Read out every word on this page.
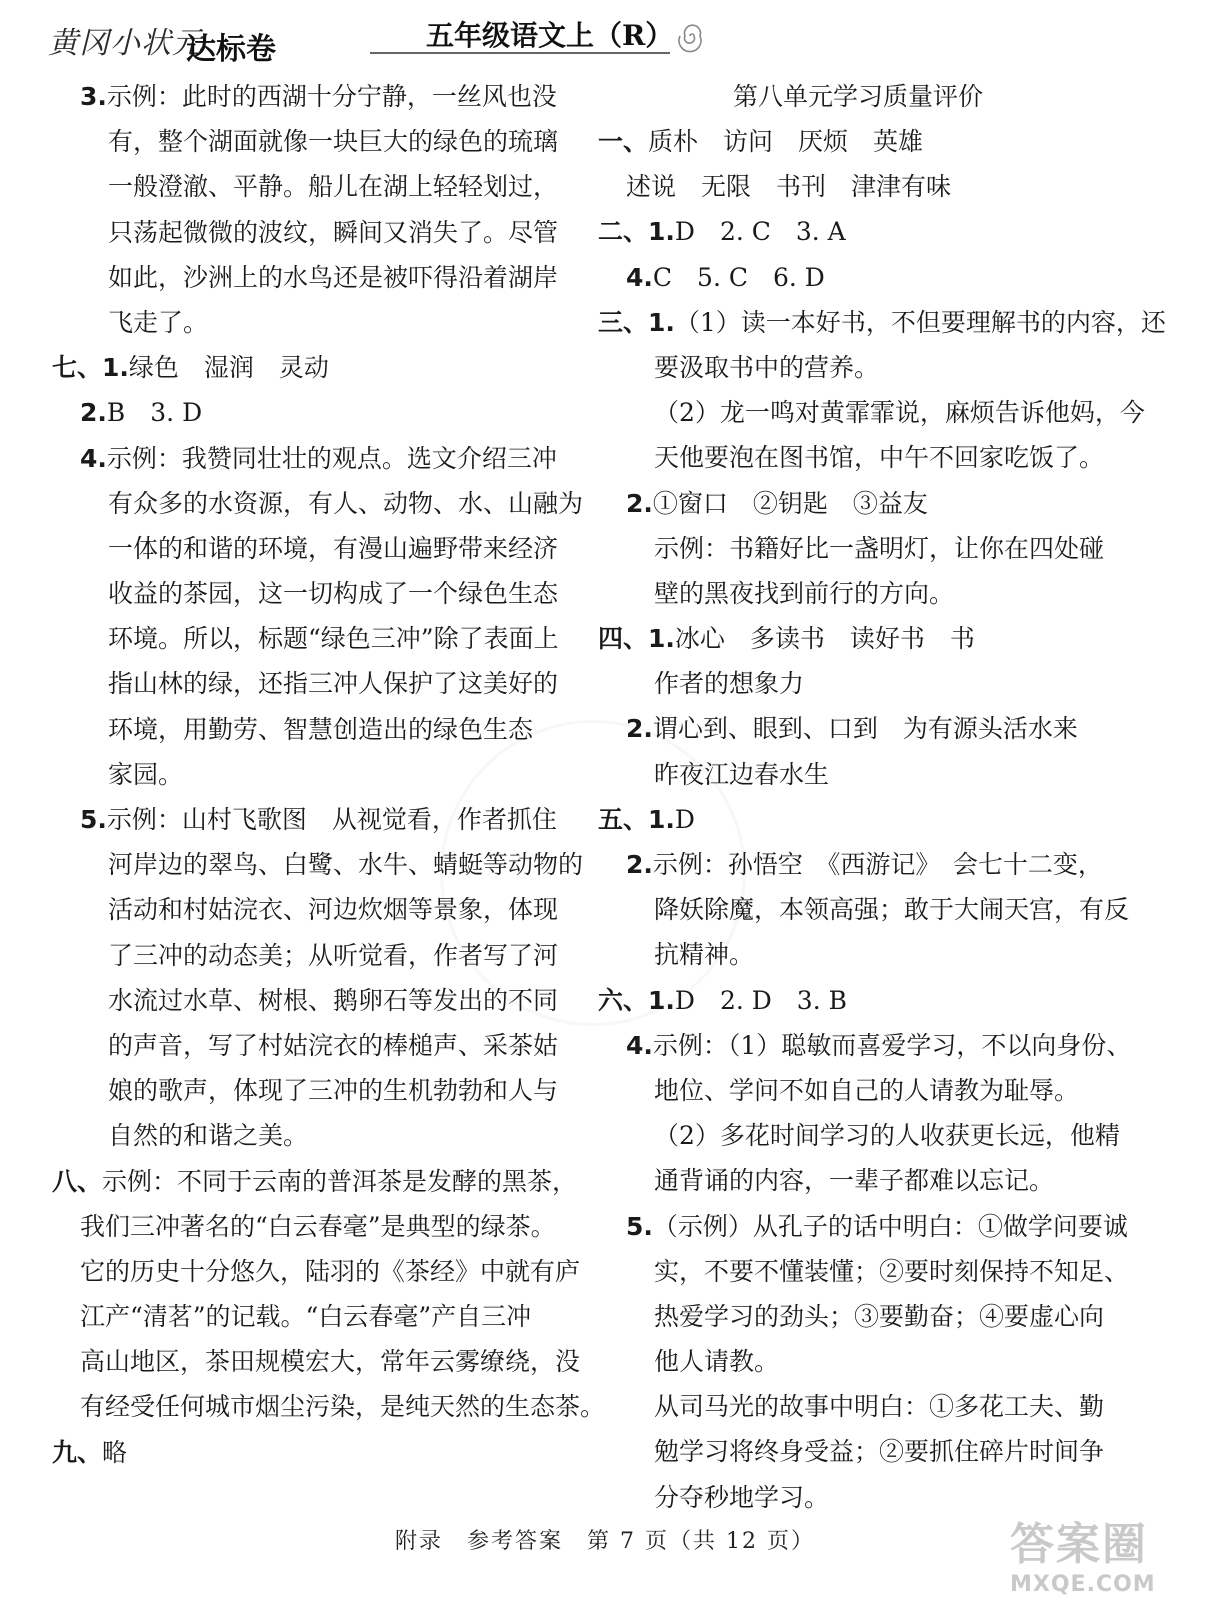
黄冈小状元
达标卷	五年级语文上（R）
3.示例：此时的西湖十分宁静，一丝风也没
有，整个湖面就像一块巨大的绿色的琉璃
一般澄澈、平静。船儿在湖上轻轻划过，
只荡起微微的波纹，瞬间又消失了。尽管
如此，沙洲上的水鸟还是被吓得沿着湖岸
飞走了。
七、1.绿色　湿润　灵动
2.B　3. D
4.示例：我赞同壮壮的观点。选文介绍三冲
有众多的水资源，有人、动物、水、山融为
一体的和谐的环境，有漫山遍野带来经济
收益的茶园，这一切构成了一个绿色生态
环境。所以，标题“绿色三冲”除了表面上
指山林的绿，还指三冲人保护了这美好的
环境，用勤劳、智慧创造出的绿色生态
家园。
5.示例：山村飞歌图　从视觉看，作者抓住
河岸边的翠鸟、白鹭、水牛、蜻蜓等动物的
活动和村姑浣衣、河边炊烟等景象，体现
了三冲的动态美；从听觉看，作者写了河
水流过水草、树根、鹅卵石等发出的不同
的声音，写了村姑浣衣的棒槌声、采茶姑
娘的歌声，体现了三冲的生机勃勃和人与
自然的和谐之美。
八、示例：不同于云南的普洱茶是发酵的黑茶，
我们三冲著名的“白云春毫”是典型的绿茶。
它的历史十分悠久，陆羽的《茶经》中就有庐
江产“清茗”的记载。“白云春毫”产自三冲
高山地区，茶田规模宏大，常年云雾缭绕，没
有经受任何城市烟尘污染，是纯天然的生态茶。
九、略
第八单元学习质量评价
一、质朴　访问　厌烦　英雄
述说　无限　书刊　津津有味
二、1.D　2. C　3. A
4.C　5. C　6. D
三、1.（1）读一本好书，不但要理解书的内容，还
要汲取书中的营养。
（2）龙一鸣对黄霏霏说，麻烦告诉他妈，今
天他要泡在图书馆，中午不回家吃饭了。
2.①窗口　②钥匙　③益友
示例：书籍好比一盏明灯，让你在四处碰
壁的黑夜找到前行的方向。
四、1.冰心　多读书　读好书　书
作者的想象力
2.谓心到、眼到、口到　为有源头活水来
昨夜江边春水生
五、1.D
2.示例：孙悟空　《西游记》　会七十二变，
降妖除魔，本领高强；敢于大闹天宫，有反
抗精神。
六、1.D　2. D　3. B
4.示例：（1）聪敏而喜爱学习，不以向身份、
地位、学问不如自己的人请教为耻辱。
（2）多花时间学习的人收获更长远，他精
通背诵的内容，一辈子都难以忘记。
5.（示例）从孔子的话中明白：①做学问要诚
实，不要不懂装懂；②要时刻保持不知足、
热爱学习的劲头；③要勤奋；④要虚心向
他人请教。
从司马光的故事中明白：①多花工夫、勤
勉学习将终身受益；②要抓住碎片时间争
分夺秒地学习。
附录　参考答案　第 7 页（共 12 页）	答案圈
MXQE.COM
